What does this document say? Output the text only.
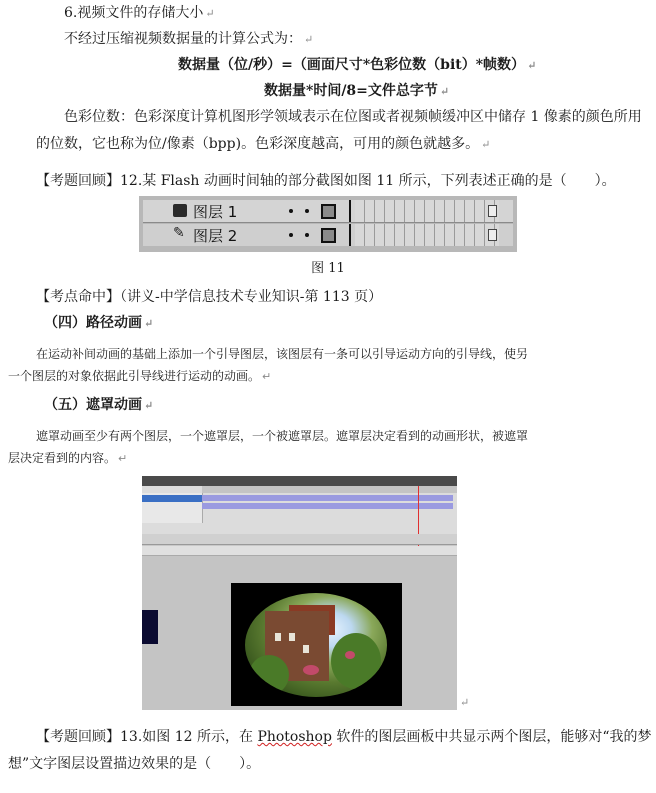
6.视频文件的存储大小 ↵
不经过压缩视频数据量的计算公式为： ↵
数据量（位/秒）=（画面尺寸*色彩位数（bit）*帧数） ↵
数据量*时间/8=文件总字节 ↵
色彩位数：色彩深度计算机图形学领域表示在位图或者视频帧缓冲区中储存 1 像素的颜色所用
的位数，它也称为位/像素（bpp)。色彩深度越高，可用的颜色就越多。 ↵
【考题回顾】12.某 Flash 动画时间轴的部分截图如图 11 所示，下列表述正确的是（　　）。
图层 1
✎ 图层 2
图 11
【考点命中】（讲义-中学信息技术专业知识-第 113 页）
（四）路径动画 ↵
在运动补间动画的基础上添加一个引导图层，该图层有一条可以引导运动方向的引导线，使另
一个图层的对象依据此引导线进行运动的动画。 ↵
（五）遮罩动画 ↵
遮罩动画至少有两个图层，一个遮罩层，一个被遮罩层。遮罩层决定看到的动画形状，被遮罩
层决定看到的内容。 ↵
↵
【考题回顾】13.如图 12 所示，在 Photoshop 软件的图层画板中共显示两个图层，能够对“我的梦
想”文字图层设置描边效果的是（　　）。
